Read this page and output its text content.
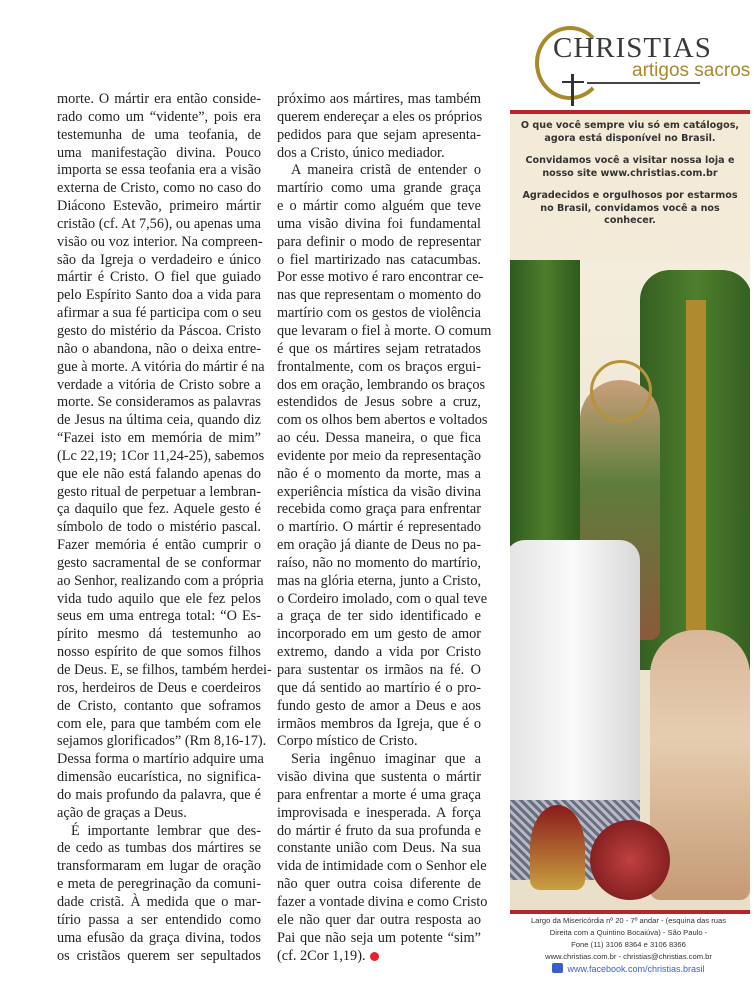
morte. O mártir era então conside-
rado como um “vidente”, pois era
testemunha de uma teofania, de
uma manifestação divina. Pouco
importa se essa teofania era a visão
externa de Cristo, como no caso do
Diácono Estevão, primeiro mártir
cristão (cf. At 7,56), ou apenas uma
visão ou voz interior. Na compreen-
são da Igreja o verdadeiro e único
mártir é Cristo. O fiel que guiado
pelo Espírito Santo doa a vida para
afirmar a sua fé participa com o seu
gesto do mistério da Páscoa. Cristo
não o abandona, não o deixa entre-
gue à morte. A vitória do mártir é na
verdade a vitória de Cristo sobre a
morte. Se consideramos as palavras
de Jesus na última ceia, quando diz
“Fazei isto em memória de mim”
(Lc 22,19; 1Cor 11,24-25), sabemos
que ele não está falando apenas do
gesto ritual de perpetuar a lembran-
ça daquilo que fez. Aquele gesto é
símbolo de todo o mistério pascal.
Fazer memória é então cumprir o
gesto sacramental de se conformar
ao Senhor, realizando com a própria
vida tudo aquilo que ele fez pelos
seus em uma entrega total: “O Es-
pírito mesmo dá testemunho ao
nosso espírito de que somos filhos
de Deus. E, se filhos, também herdei-
ros, herdeiros de Deus e coerdeiros
de Cristo, contanto que soframos
com ele, para que também com ele
sejamos glorificados” (Rm 8,16-17).
Dessa forma o martírio adquire uma
dimensão eucarística, no significa-
do mais profundo da palavra, que é
ação de graças a Deus.
É importante lembrar que des-
de cedo as tumbas dos mártires se
transformaram em lugar de oração
e meta de peregrinação da comuni-
dade cristã. À medida que o mar-
tírio passa a ser entendido como
uma efusão da graça divina, todos
os cristãos querem ser sepultados
próximo aos mártires, mas também
querem endereçar a eles os próprios
pedidos para que sejam apresenta-
dos a Cristo, único mediador.
A maneira cristã de entender o
martírio como uma grande graça
e o mártir como alguém que teve
uma visão divina foi fundamental
para definir o modo de representar
o fiel martirizado nas catacumbas.
Por esse motivo é raro encontrar ce-
nas que representam o momento do
martírio com os gestos de violência
que levaram o fiel à morte. O comum
é que os mártires sejam retratados
frontalmente, com os braços ergui-
dos em oração, lembrando os braços
estendidos de Jesus sobre a cruz,
com os olhos bem abertos e voltados
ao céu. Dessa maneira, o que fica
evidente por meio da representação
não é o momento da morte, mas a
experiência mística da visão divina
recebida como graça para enfrentar
o martírio. O mártir é representado
em oração já diante de Deus no pa-
raíso, não no momento do martírio,
mas na glória eterna, junto a Cristo,
o Cordeiro imolado, com o qual teve
a graça de ter sido identificado e
incorporado em um gesto de amor
extremo, dando a vida por Cristo
para sustentar os irmãos na fé. O
que dá sentido ao martírio é o pro-
fundo gesto de amor a Deus e aos
irmãos membros da Igreja, que é o
Corpo místico de Cristo.
Seria ingênuo imaginar que a
visão divina que sustenta o mártir
para enfrentar a morte é uma graça
improvisada e inesperada. A força
do mártir é fruto da sua profunda e
constante união com Deus. Na sua
vida de intimidade com o Senhor ele
não quer outra coisa diferente de
fazer a vontade divina e como Cristo
ele não quer dar outra resposta ao
Pai que não seja um potente “sim”
(cf. 2Cor 1,19).
CHRISTIAS
artigos sacros

O que você sempre viu só em catálogos, agora está disponível no Brasil.

Convidamos você a visitar nossa loja e nosso site www.christias.com.br

Agradecidos e orgulhosos por estarmos no Brasil, convidamos você a nos conhecer.

Largo da Misericórdia nº 20 - 7º andar - (esquina das ruas
Direita com a Quintino Bocaiúva) - São Paulo -
Fone (11) 3106 8364 e 3106 8366
www.christias.com.br - christias@christias.com.br
www.facebook.com/christias.brasil
